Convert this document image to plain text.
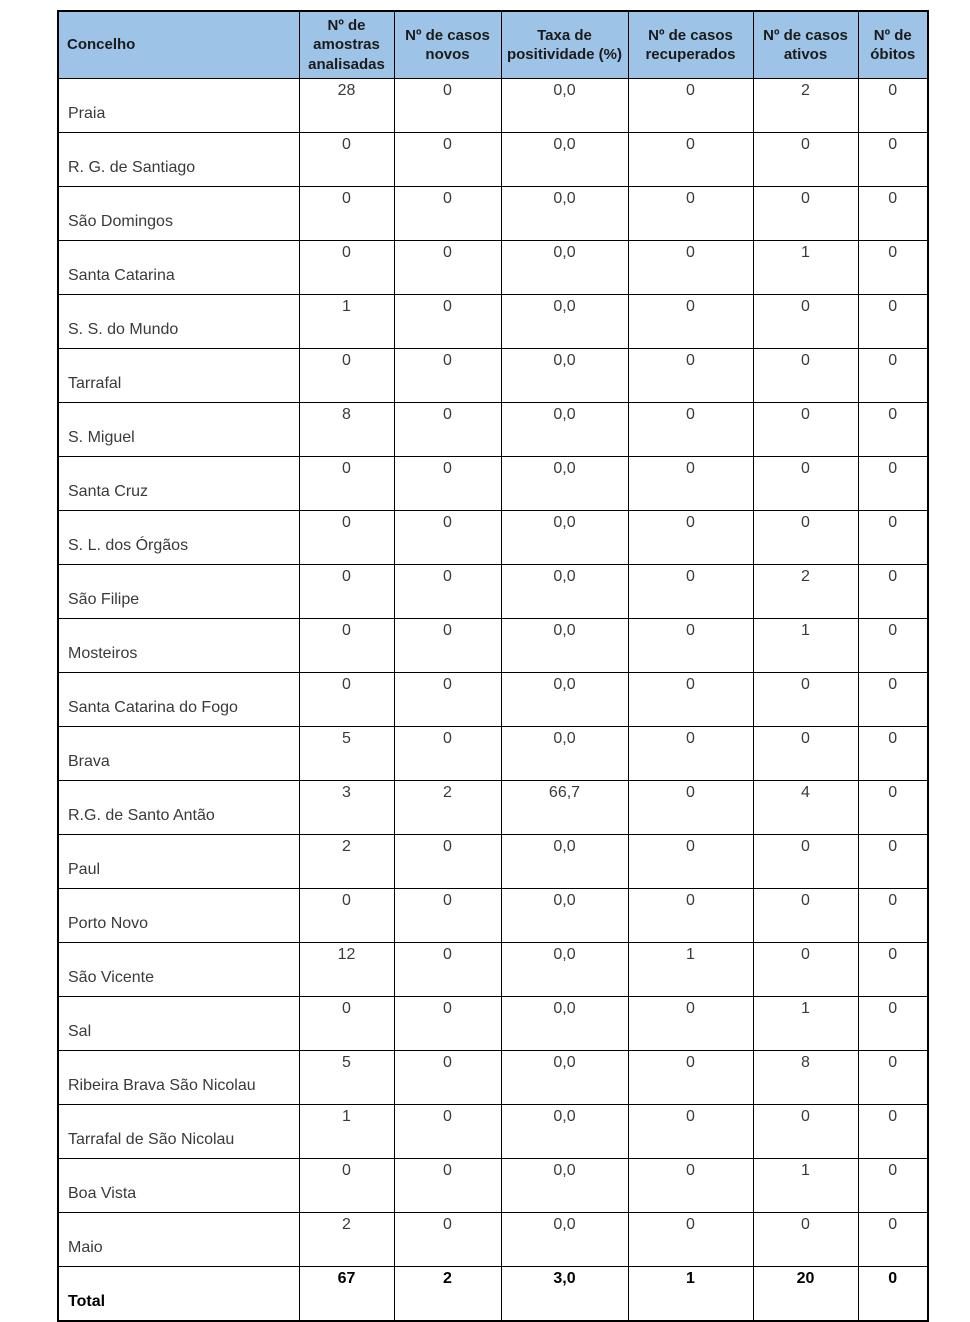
Concelho	Nº de amostras analisadas	Nº de casos novos	Taxa de positividade (%)	Nº de casos recuperados	Nº de casos ativos	Nº de óbitos
Praia	28	0	0,0	0	2	0
R. G. de Santiago	0	0	0,0	0	0	0
São Domingos	0	0	0,0	0	0	0
Santa Catarina	0	0	0,0	0	1	0
S. S. do Mundo	1	0	0,0	0	0	0
Tarrafal	0	0	0,0	0	0	0
S. Miguel	8	0	0,0	0	0	0
Santa Cruz	0	0	0,0	0	0	0
S. L. dos Órgãos	0	0	0,0	0	0	0
São Filipe	0	0	0,0	0	2	0
Mosteiros	0	0	0,0	0	1	0
Santa Catarina do Fogo	0	0	0,0	0	0	0
Brava	5	0	0,0	0	0	0
R.G. de Santo Antão	3	2	66,7	0	4	0
Paul	2	0	0,0	0	0	0
Porto Novo	0	0	0,0	0	0	0
São Vicente	12	0	0,0	1	0	0
Sal	0	0	0,0	0	1	0
Ribeira Brava São Nicolau	5	0	0,0	0	8	0
Tarrafal de São Nicolau	1	0	0,0	0	0	0
Boa Vista	0	0	0,0	0	1	0
Maio	2	0	0,0	0	0	0
Total	67	2	3,0	1	20	0
